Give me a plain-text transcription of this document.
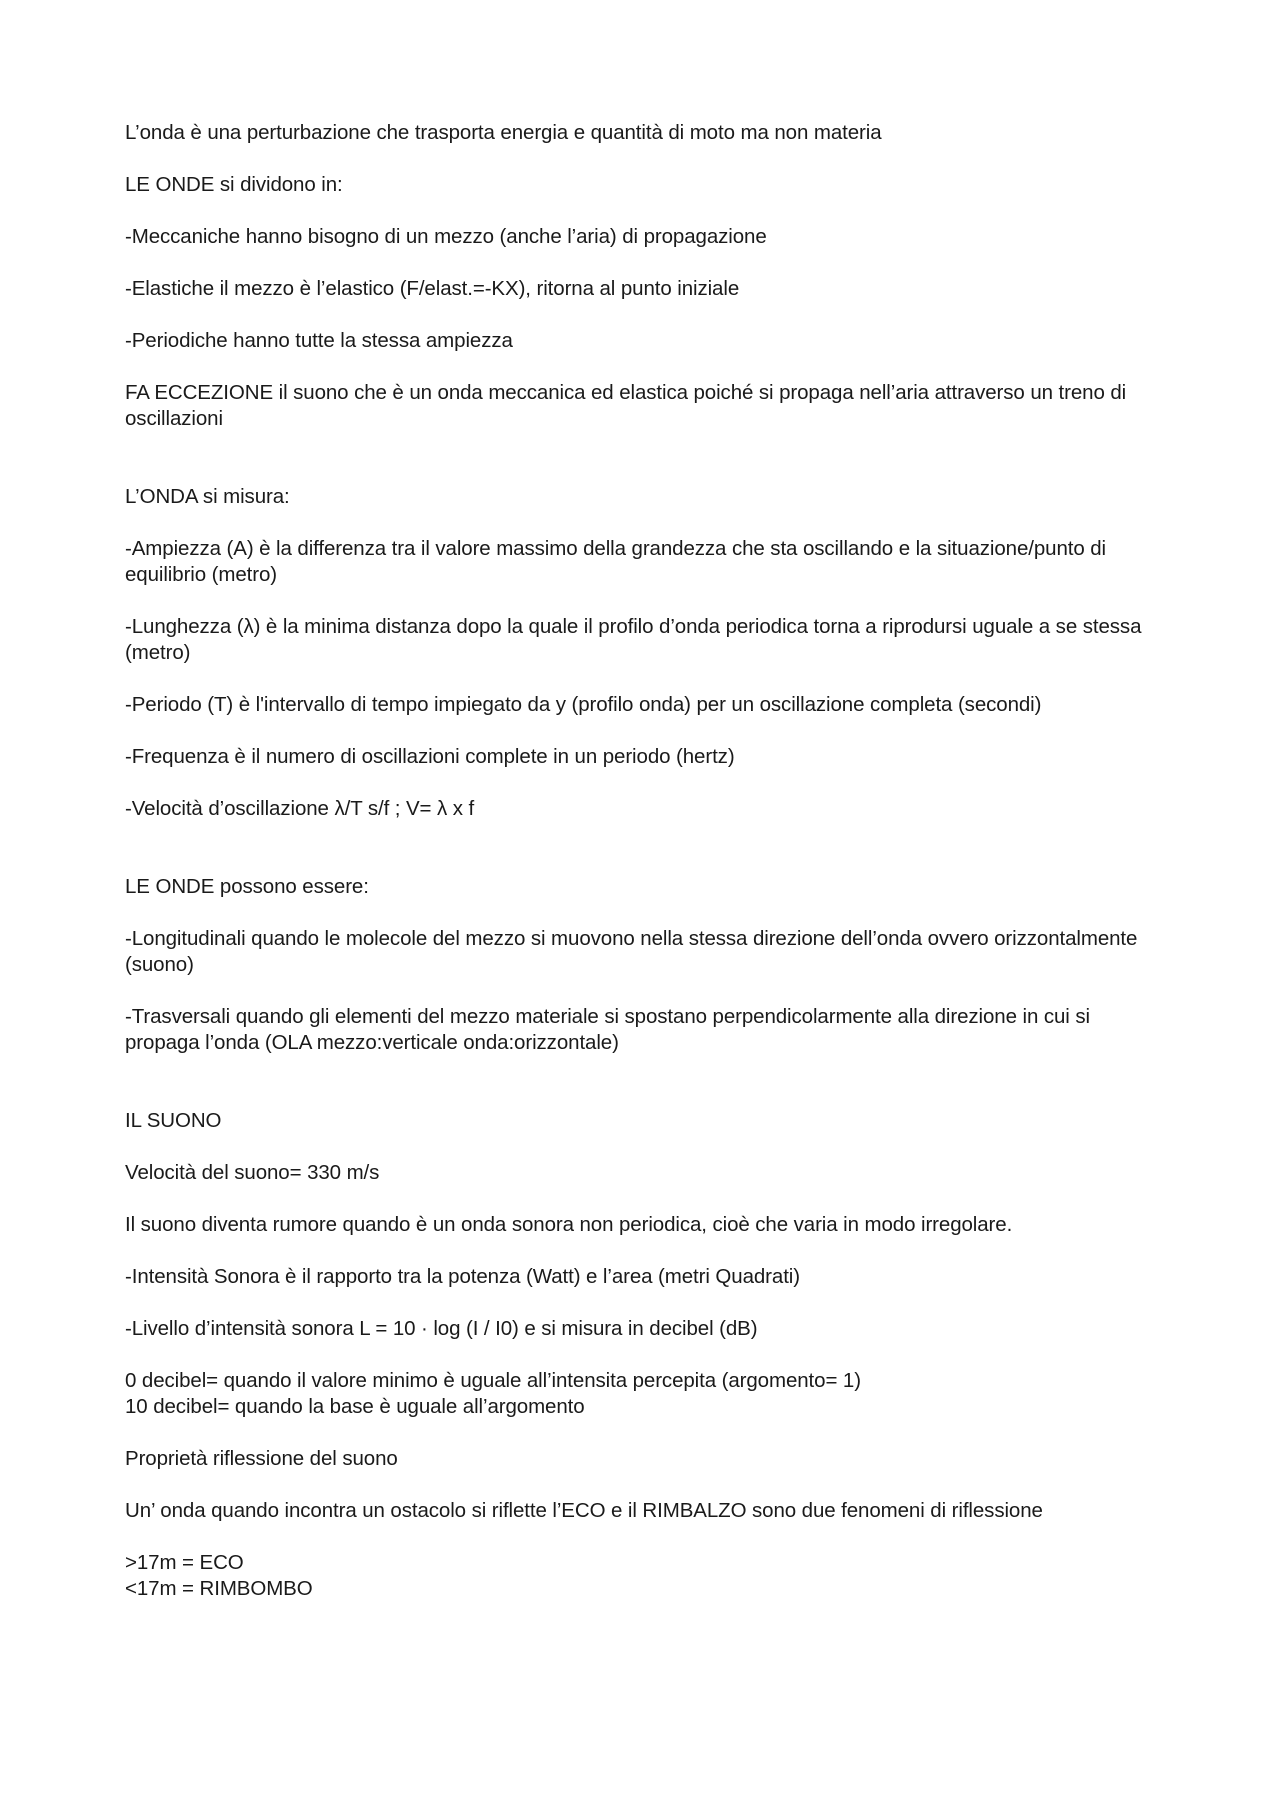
L’onda è una perturbazione che trasporta energia e quantità di moto ma non materia

LE ONDE si dividono in:

-Meccaniche hanno bisogno di un mezzo (anche l’aria) di propagazione

-Elastiche il mezzo è l’elastico (F/elast.=-KX), ritorna al punto iniziale

-Periodiche hanno tutte la stessa ampiezza

FA ECCEZIONE il suono che è un onda meccanica ed elastica poiché si propaga nell’aria attraverso un treno di oscillazioni

L’ONDA si misura:

-Ampiezza (A) è la differenza tra il valore massimo della grandezza che sta oscillando e la situazione/punto di equilibrio (metro)

-Lunghezza (λ) è la minima distanza dopo la quale il profilo d’onda periodica torna a riprodursi uguale a se stessa (metro)

-Periodo (T) è l'intervallo di tempo impiegato da y (profilo onda) per un oscillazione completa (secondi)

-Frequenza è il numero di oscillazioni complete in un periodo (hertz)

-Velocità d’oscillazione λ/T s/f ; V= λ x f

LE ONDE possono essere:

-Longitudinali quando le molecole del mezzo si muovono nella stessa direzione dell’onda ovvero orizzontalmente (suono)

-Trasversali quando gli elementi del mezzo materiale si spostano perpendicolarmente alla direzione in cui si propaga l’onda (OLA mezzo:verticale onda:orizzontale)

IL SUONO

Velocità del suono= 330 m/s

Il suono diventa rumore quando è un onda sonora non periodica, cioè che varia in modo irregolare.

-Intensità Sonora è il rapporto tra la potenza (Watt) e l’area (metri Quadrati)

-Livello d’intensità sonora L = 10 · log (I / I0) e si misura in decibel (dB)

0 decibel= quando il valore minimo è uguale all’intensita percepita (argomento= 1)
10 decibel= quando la base è uguale all’argomento

Proprietà riflessione del suono

Un’ onda quando incontra un ostacolo si riflette l’ECO e il RIMBALZO sono due fenomeni di riflessione

>17m = ECO
<17m = RIMBOMBO
